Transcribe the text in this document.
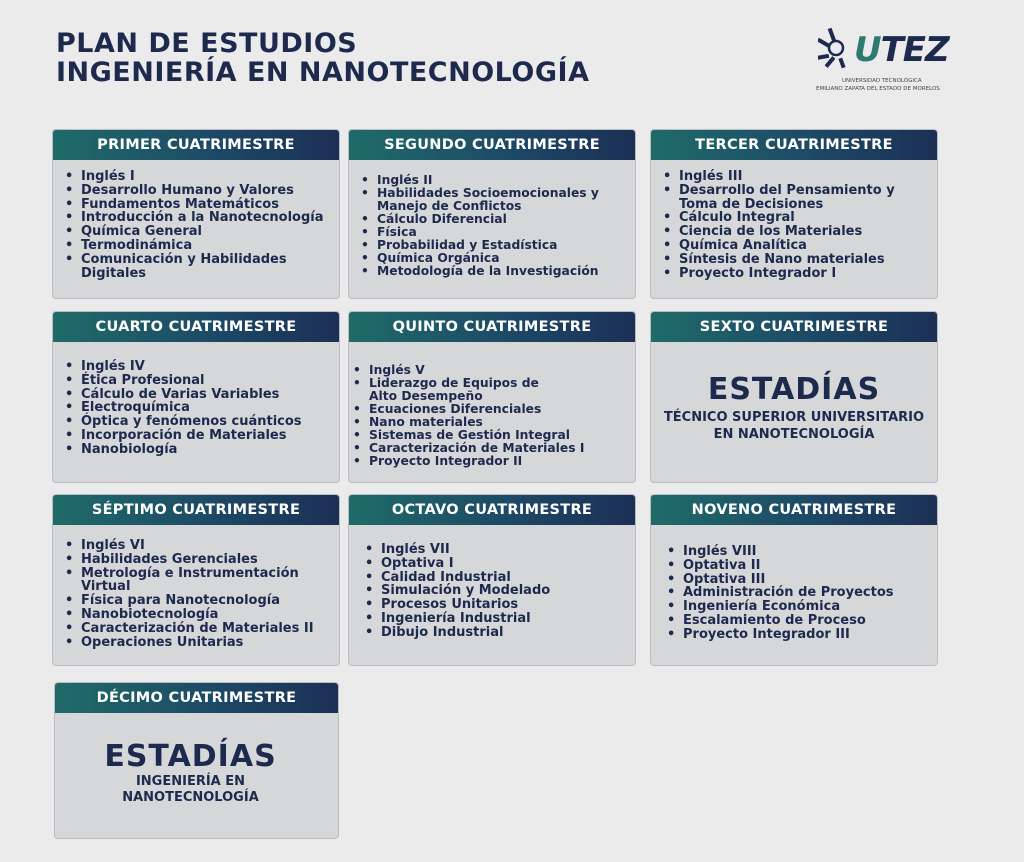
PLAN DE ESTUDIOS
INGENIERÍA EN NANOTECNOLOGÍA
UTEZ
UNIVERSIDAD TECNOLÓGICA
EMILIANO ZAPATA DEL ESTADO DE MORELOS
PRIMER CUATRIMESTRE
• Inglés I
• Desarrollo Humano y Valores
• Fundamentos Matemáticos
• Introducción a la Nanotecnología
• Química General
• Termodinámica
• Comunicación y Habilidades Digitales
SEGUNDO CUATRIMESTRE
• Inglés II
• Habilidades Socioemocionales y Manejo de Conflictos
• Cálculo Diferencial
• Física
• Probabilidad y Estadística
• Química Orgánica
• Metodología de la Investigación
TERCER CUATRIMESTRE
• Inglés III
• Desarrollo del Pensamiento y Toma de Decisiones
• Cálculo Integral
• Ciencia de los Materiales
• Química Analítica
• Síntesis de Nano materiales
• Proyecto Integrador I
CUARTO CUATRIMESTRE
• Inglés IV
• Ética Profesional
• Cálculo de Varias Variables
• Electroquímica
• Óptica y fenómenos cuánticos
• Incorporación de Materiales
• Nanobiología
QUINTO CUATRIMESTRE
• Inglés V
• Liderazgo de Equipos de Alto Desempeño
• Ecuaciones Diferenciales
• Nano materiales
• Sistemas de Gestión Integral
• Caracterización de Materiales I
• Proyecto Integrador II
SEXTO CUATRIMESTRE
ESTADÍAS
TÉCNICO SUPERIOR UNIVERSITARIO
EN NANOTECNOLOGÍA
SÉPTIMO CUATRIMESTRE
• Inglés VI
• Habilidades Gerenciales
• Metrología e Instrumentación Virtual
• Física para Nanotecnología
• Nanobiotecnología
• Caracterización de Materiales II
• Operaciones Unitarias
OCTAVO CUATRIMESTRE
• Inglés VII
• Optativa I
• Calidad Industrial
• Simulación y Modelado
• Procesos Unitarios
• Ingeniería Industrial
• Dibujo Industrial
NOVENO CUATRIMESTRE
• Inglés VIII
• Optativa II
• Optativa III
• Administración de Proyectos
• Ingeniería Económica
• Escalamiento de Proceso
• Proyecto Integrador III
DÉCIMO CUATRIMESTRE
ESTADÍAS
INGENIERÍA EN
NANOTECNOLOGÍA
